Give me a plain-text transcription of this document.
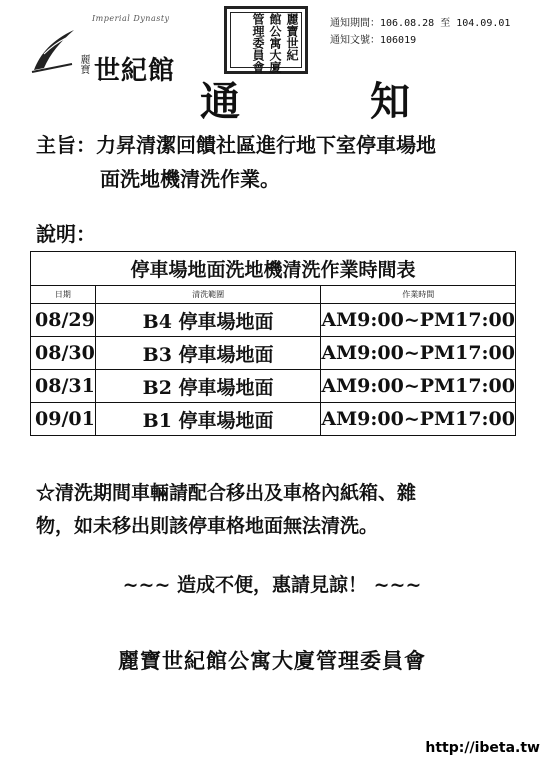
Imperial Dynasty
麗寶 世紀館
麗寶世紀
館公寓大廈
管理委員會	通知期間：106.08.28 至 104.09.01
通知文號：106019
通	知
主旨：力昇清潔回饋社區進行地下室停車場地
面洗地機清洗作業。
說明：
停車場地面洗地機清洗作業時間表		
日期	清洗範圍	作業時間
08/29	B4 停車場地面	AM9:00~PM17:00
08/30	B3 停車場地面	AM9:00~PM17:00
08/31	B2 停車場地面	AM9:00~PM17:00
09/01	B1 停車場地面	AM9:00~PM17:00
☆清洗期間車輛請配合移出及車格內紙箱、雜
物，如未移出則該停車格地面無法清洗。
~~~ 造成不便，惠請見諒！ ~~~
麗寶世紀館公寓大廈管理委員會
http://ibeta.tw
